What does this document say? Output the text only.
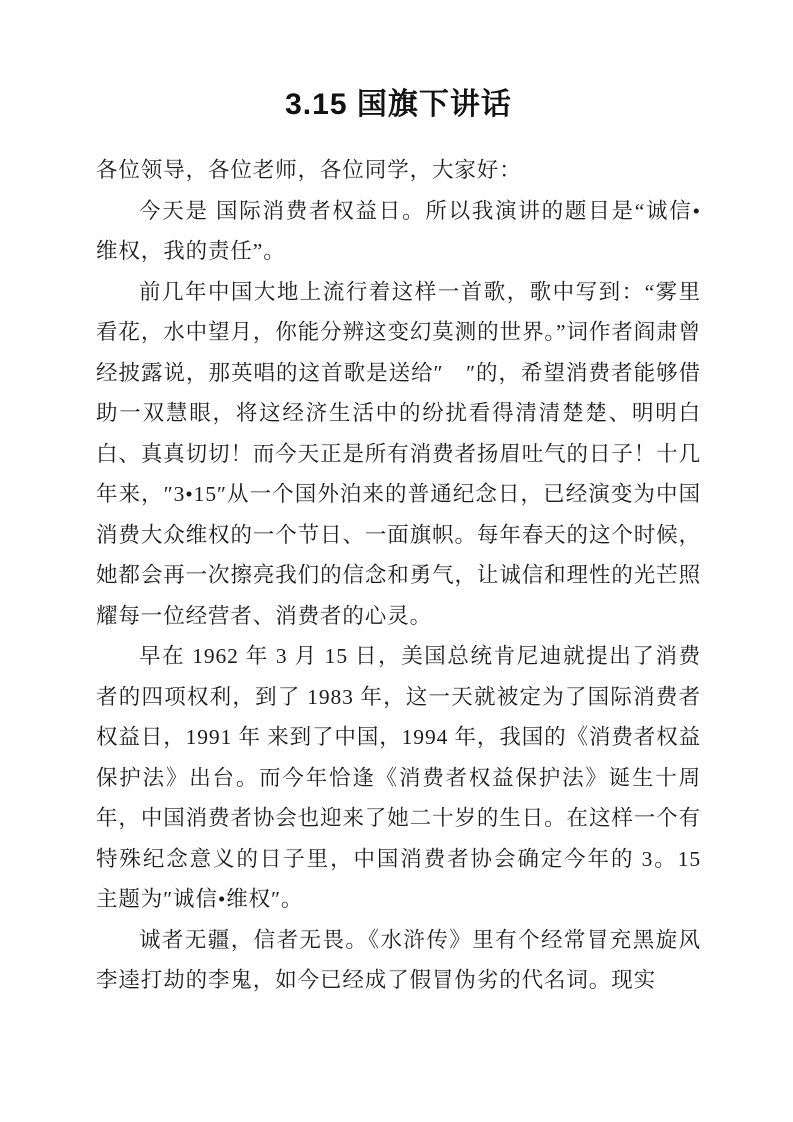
3.15 国旗下讲话

各位领导，各位老师，各位同学，大家好：

今天是 国际消费者权益日。所以我演讲的题目是“诚信•维权，我的责任”。

前几年中国大地上流行着这样一首歌，歌中写到：“雾里看花，水中望月，你能分辨这变幻莫测的世界。”词作者阎肃曾经披露说，那英唱的这首歌是送给″　″的，希望消费者能够借助一双慧眼，将这经济生活中的纷扰看得清清楚楚、明明白白、真真切切！而今天正是所有消费者扬眉吐气的日子！十几年来，″3•15″从一个国外泊来的普通纪念日，已经演变为中国消费大众维权的一个节日、一面旗帜。每年春天的这个时候，她都会再一次擦亮我们的信念和勇气，让诚信和理性的光芒照耀每一位经营者、消费者的心灵。

早在 1962 年 3 月 15 日，美国总统肯尼迪就提出了消费者的四项权利，到了 1983 年，这一天就被定为了国际消费者权益日，1991 年 来到了中国，1994 年，我国的《消费者权益保护法》出台。而今年恰逢《消费者权益保护法》诞生十周年，中国消费者协会也迎来了她二十岁的生日。在这样一个有特殊纪念意义的日子里，中国消费者协会确定今年的 3。15 主题为″诚信•维权″。

诚者无疆，信者无畏。《水浒传》里有个经常冒充黑旋风李逵打劫的李鬼，如今已经成了假冒伪劣的代名词。现实
